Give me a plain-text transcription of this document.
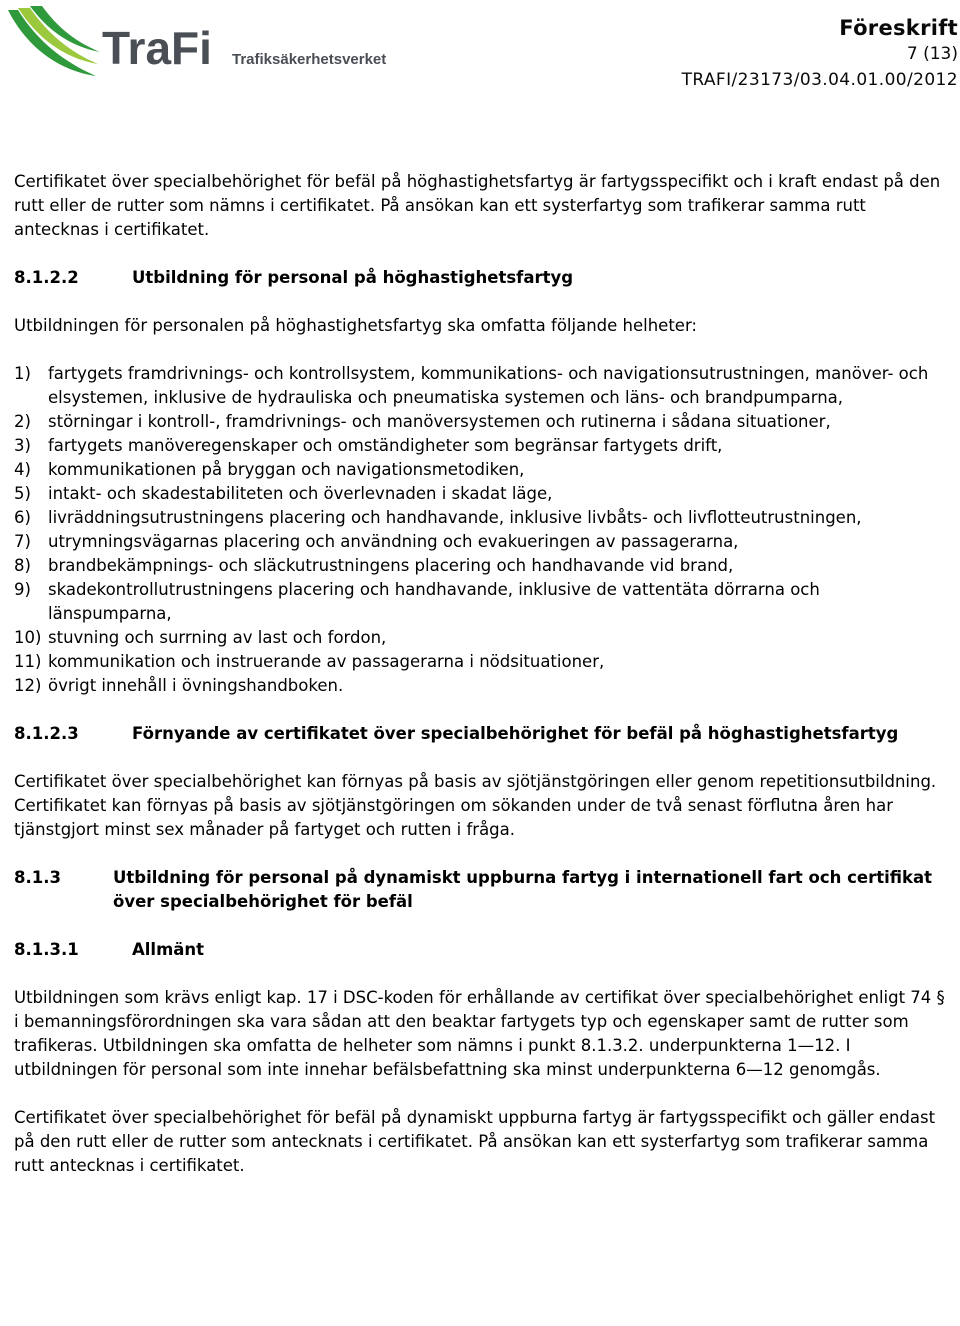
TraFi Trafiksäkerhetsverket
Föreskrift
7 (13)
TRAFI/23173/03.04.01.00/2012

Certifikatet över specialbehörighet för befäl på höghastighetsfartyg är fartygsspecifikt och i kraft endast på den rutt eller de rutter som nämns i certifikatet. På ansökan kan ett systerfartyg som trafikerar samma rutt antecknas i certifikatet.

8.1.2.2	Utbildning för personal på höghastighetsfartyg

Utbildningen för personalen på höghastighetsfartyg ska omfatta följande helheter:

1)	fartygets framdrivnings- och kontrollsystem, kommunikations- och navigationsutrustningen, manöver- och elsystemen, inklusive de hydrauliska och pneumatiska systemen och läns- och brandpumparna,
2)	störningar i kontroll-, framdrivnings- och manöversystemen och rutinerna i sådana situationer,
3)	fartygets manöveregenskaper och omständigheter som begränsar fartygets drift,
4)	kommunikationen på bryggan och navigationsmetodiken,
5)	intakt- och skadestabiliteten och överlevnaden i skadat läge,
6)	livräddningsutrustningens placering och handhavande, inklusive livbåts- och livflotteutrustningen,
7)	utrymningsvägarnas placering och användning och evakueringen av passagerarna,
8)	brandbekämpnings- och släckutrustningens placering och handhavande vid brand,
9)	skadekontrollutrustningens placering och handhavande, inklusive de vattentäta dörrarna och länspumparna,
10) stuvning och surrning av last och fordon,
11) kommunikation och instruerande av passagerarna i nödsituationer,
12) övrigt innehåll i övningshandboken.
8.1.2.3	Förnyande av certifikatet över specialbehörighet för befäl på höghastighetsfartyg

Certifikatet över specialbehörighet kan förnyas på basis av sjötjänstgöringen eller genom repetitionsutbildning. Certifikatet kan förnyas på basis av sjötjänstgöringen om sökanden under de två senast förflutna åren har tjänstgjort minst sex månader på fartyget och rutten i fråga.

8.1.3	Utbildning för personal på dynamiskt uppburna fartyg i internationell fart och certifikat över specialbehörighet för befäl
8.1.3.1	Allmänt

Utbildningen som krävs enligt kap. 17 i DSC-koden för erhållande av certifikat över specialbehörighet enligt 74 § i bemanningsförordningen ska vara sådan att den beaktar fartygets typ och egenskaper samt de rutter som trafikeras. Utbildningen ska omfatta de helheter som nämns i punkt 8.1.3.2. underpunkterna 1—12. I utbildningen för personal som inte innehar befälsbefattning ska minst underpunkterna 6—12 genomgås.

Certifikatet över specialbehörighet för befäl på dynamiskt uppburna fartyg är fartygsspecifikt och gäller endast på den rutt eller de rutter som antecknats i certifikatet. På ansökan kan ett systerfartyg som trafikerar samma rutt antecknas i certifikatet.
